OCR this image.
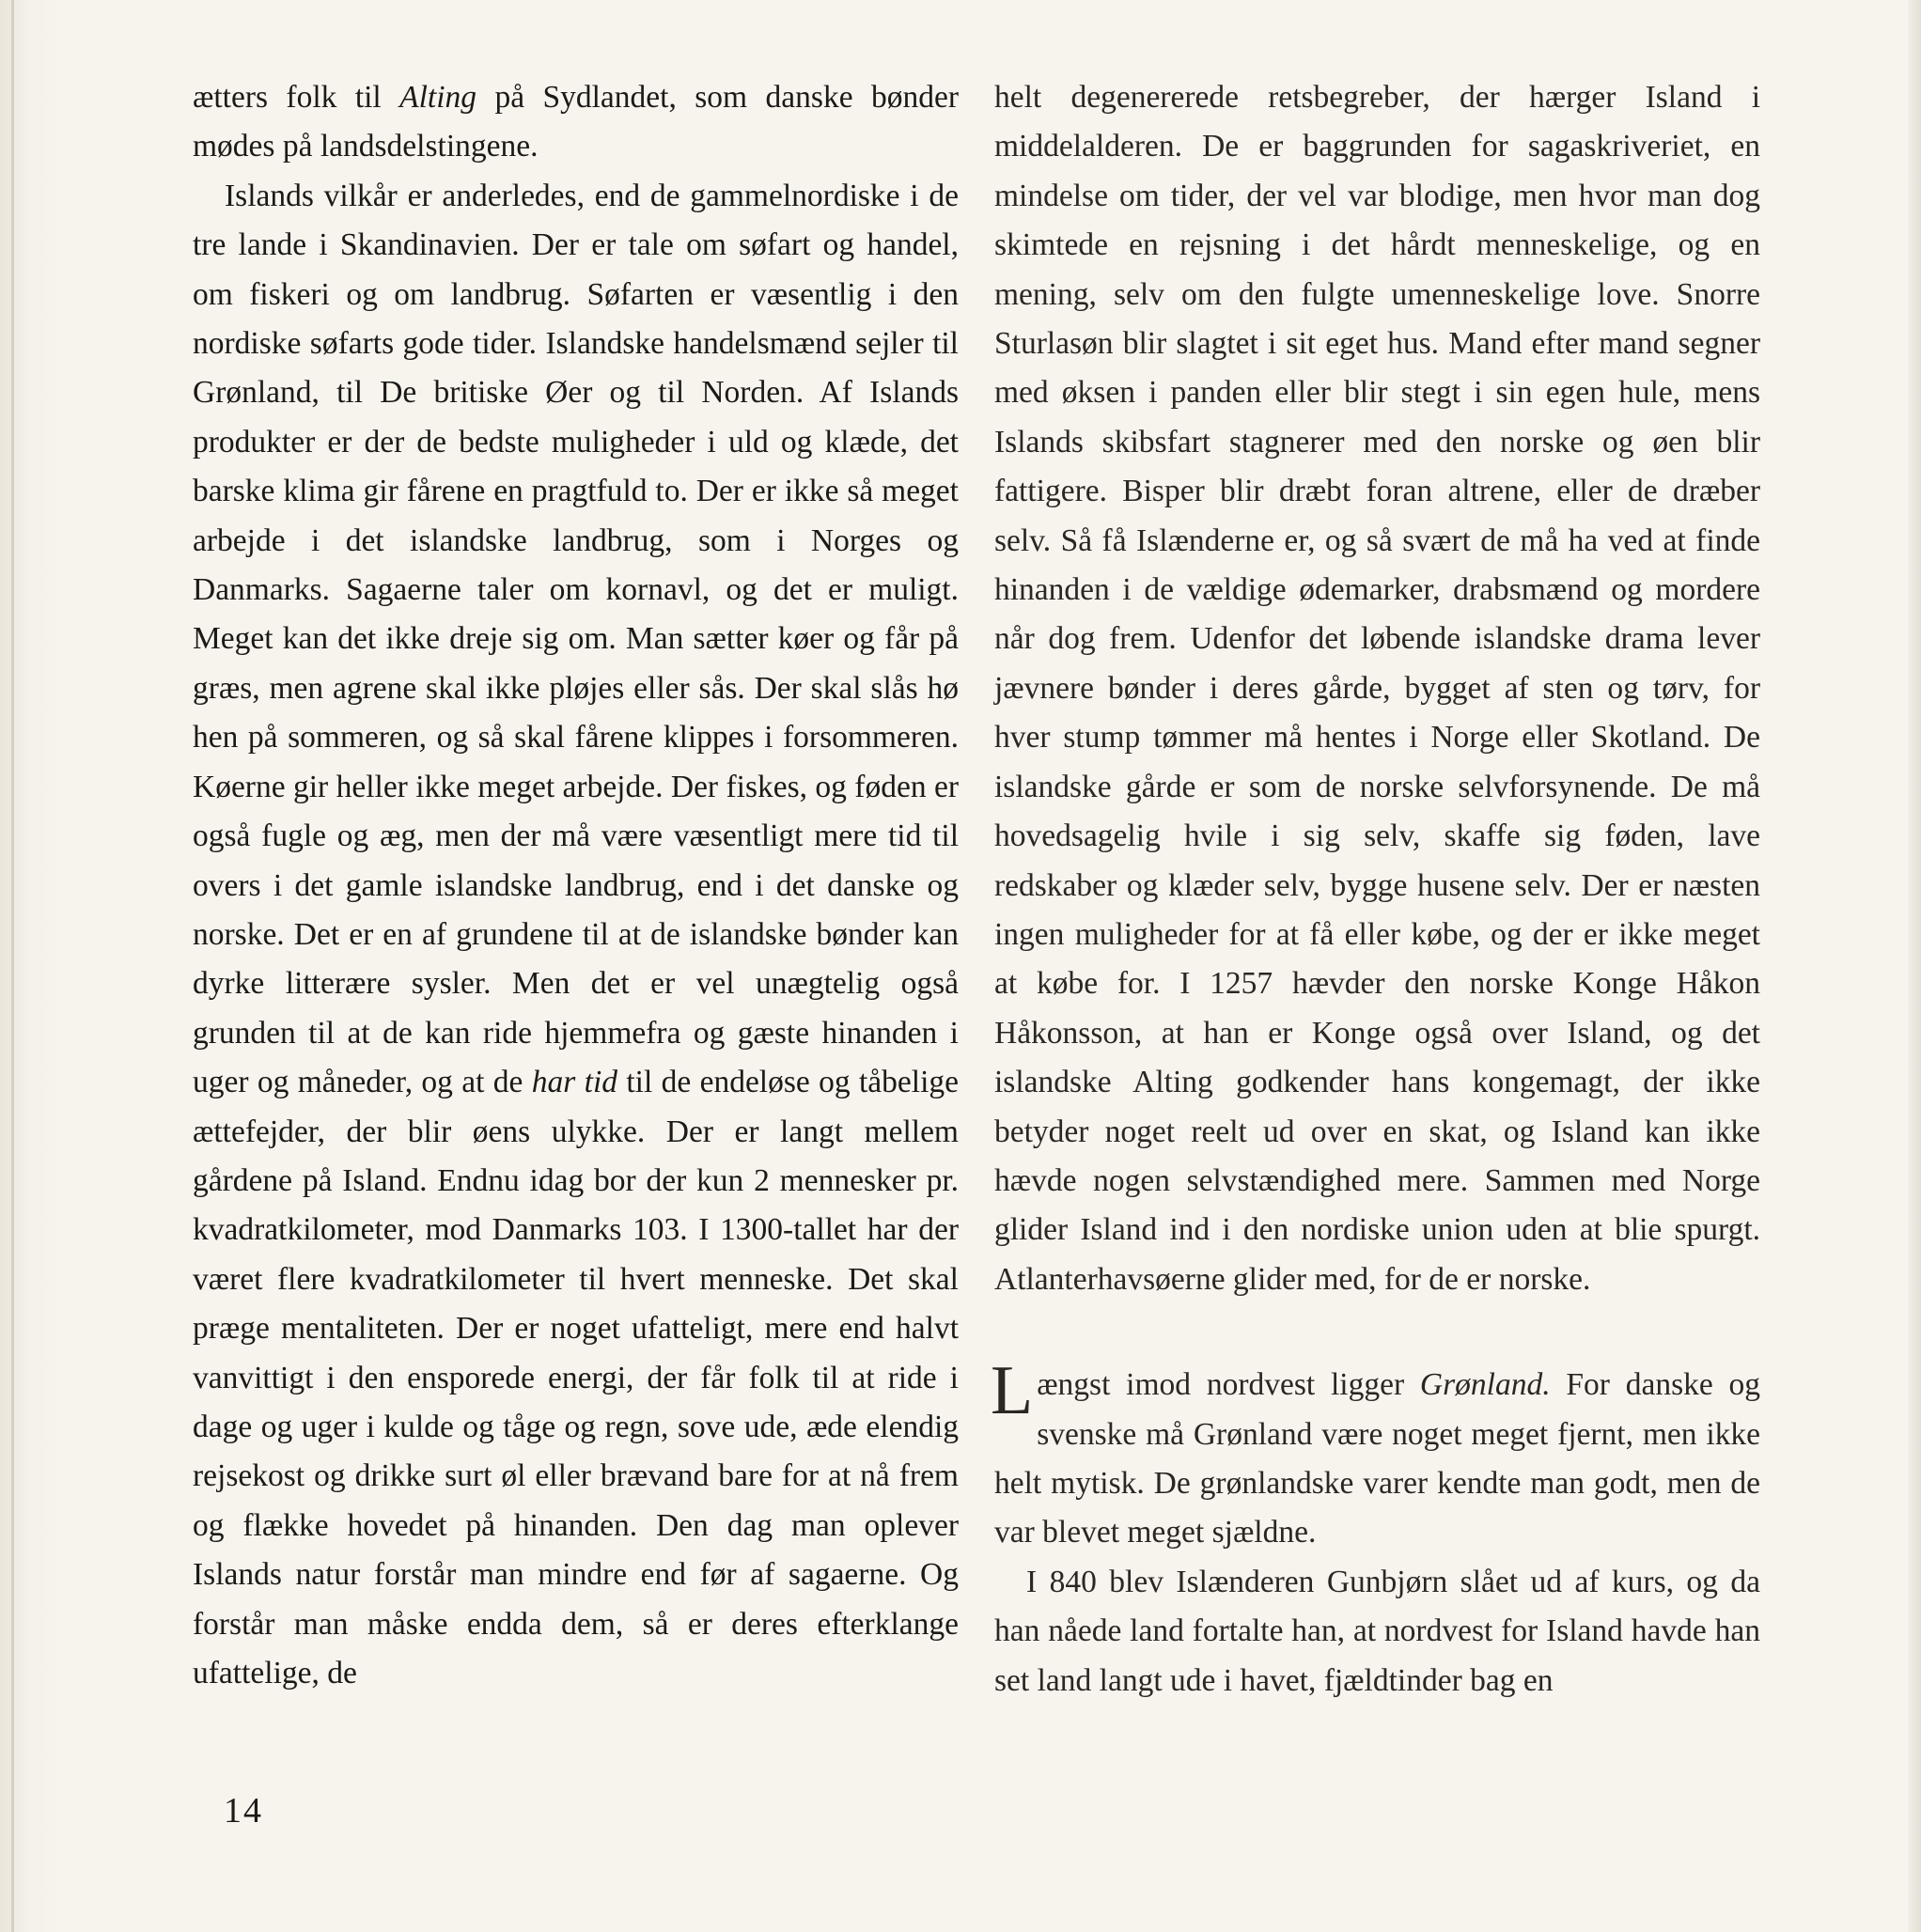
ætters folk til Alting på Sydlandet, som danske bønder mødes på landsdelstingene.

Islands vilkår er anderledes, end de gammelnordiske i de tre lande i Skandinavien. Der er tale om søfart og handel, om fiskeri og om landbrug. Søfarten er væsentlig i den nordiske søfarts gode tider. Islandske handelsmænd sejler til Grønland, til De britiske Øer og til Norden. Af Islands produkter er der de bedste muligheder i uld og klæde, det barske klima gir fårene en pragtfuld to. Der er ikke så meget arbejde i det islandske landbrug, som i Norges og Danmarks. Sagaerne taler om kornavl, og det er muligt. Meget kan det ikke dreje sig om. Man sætter køer og får på græs, men agrene skal ikke pløjes eller sås. Der skal slås hø hen på sommeren, og så skal fårene klippes i forsommeren. Køerne gir heller ikke meget arbejde. Der fiskes, og føden er også fugle og æg, men der må være væsentligt mere tid til overs i det gamle islandske landbrug, end i det danske og norske. Det er en af grundene til at de islandske bønder kan dyrke litterære sysler. Men det er vel unægtelig også grunden til at de kan ride hjemmefra og gæste hinanden i uger og måneder, og at de har tid til de endeløse og tåbelige ættefejder, der blir øens ulykke. Der er langt mellem gårdene på Island. Endnu idag bor der kun 2 mennesker pr. kvadratkilometer, mod Danmarks 103. I 1300-tallet har der været flere kvadratkilometer til hvert menneske. Det skal præge mentaliteten. Der er noget ufatteligt, mere end halvt vanvittigt i den ensporede energi, der får folk til at ride i dage og uger i kulde og tåge og regn, sove ude, æde elendig rejsekost og drikke surt øl eller brævand bare for at nå frem og flække hovedet på hinanden. Den dag man oplever Islands natur forstår man mindre end før af sagaerne. Og forstår man måske endda dem, så er deres efterklange ufattelige, de

helt degenererede retsbegreber, der hærger Island i middelalderen. De er baggrunden for sagaskriveriet, en mindelse om tider, der vel var blodige, men hvor man dog skimtede en rejsning i det hårdt menneskelige, og en mening, selv om den fulgte umenneskelige love. Snorre Sturlasøn blir slagtet i sit eget hus. Mand efter mand segner med øksen i panden eller blir stegt i sin egen hule, mens Islands skibsfart stagnerer med den norske og øen blir fattigere. Bisper blir dræbt foran altrene, eller de dræber selv. Så få Islænderne er, og så svært de må ha ved at finde hinanden i de vældige ødemarker, drabsmænd og mordere når dog frem. Udenfor det løbende islandske drama lever jævnere bønder i deres gårde, bygget af sten og tørv, for hver stump tømmer må hentes i Norge eller Skotland. De islandske gårde er som de norske selvforsynende. De må hovedsagelig hvile i sig selv, skaffe sig føden, lave redskaber og klæder selv, bygge husene selv. Der er næsten ingen muligheder for at få eller købe, og der er ikke meget at købe for. I 1257 hævder den norske Konge Håkon Håkonsson, at han er Konge også over Island, og det islandske Alting godkender hans kongemagt, der ikke betyder noget reelt ud over en skat, og Island kan ikke hævde nogen selvstændighed mere. Sammen med Norge glider Island ind i den nordiske union uden at blie spurgt. Atlanterhavsøerne glider med, for de er norske.

Længst imod nordvest ligger Grønland. For danske og svenske må Grønland være noget meget fjernt, men ikke helt mytisk. De grønlandske varer kendte man godt, men de var blevet meget sjældne.

I 840 blev Islænderen Gunbjørn slået ud af kurs, og da han nåede land fortalte han, at nordvest for Island havde han set land langt ude i havet, fjældtinder bag en

14
